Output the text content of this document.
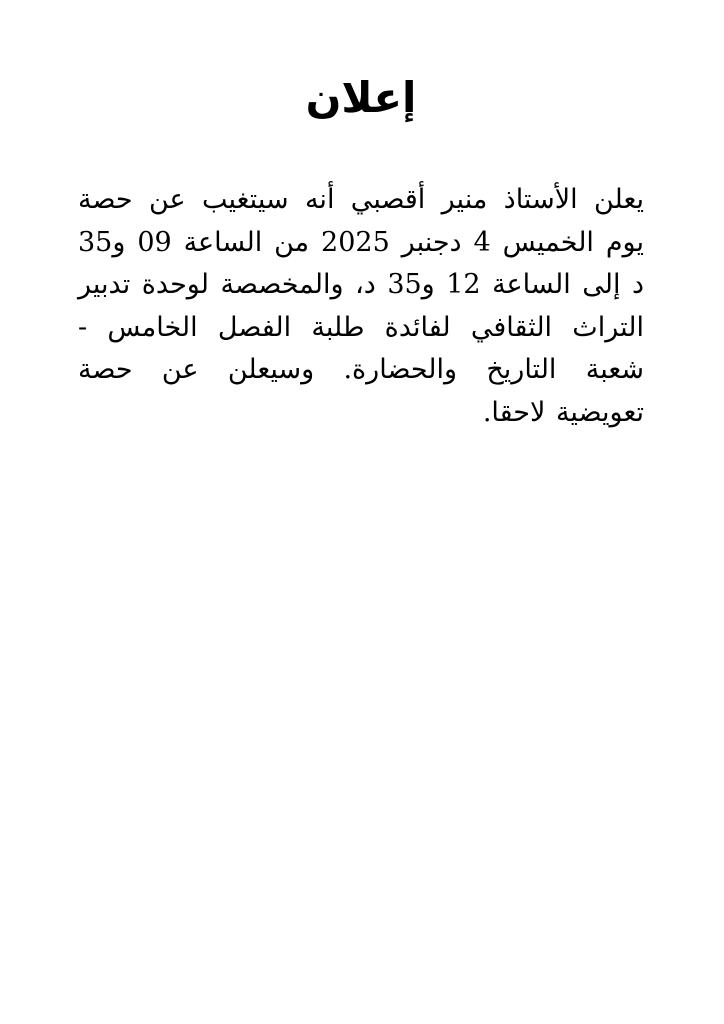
إعلان

يعلن الأستاذ منير أقصبي أنه سيتغيب عن حصة يوم الخميس 4 دجنبر 2025 من الساعة 09 و35 د إلى الساعة 12 و35 د، والمخصصة لوحدة تدبير التراث الثقافي لفائدة طلبة الفصل الخامس - شعبة التاريخ والحضارة. وسيعلن عن حصة تعويضية لاحقا.
